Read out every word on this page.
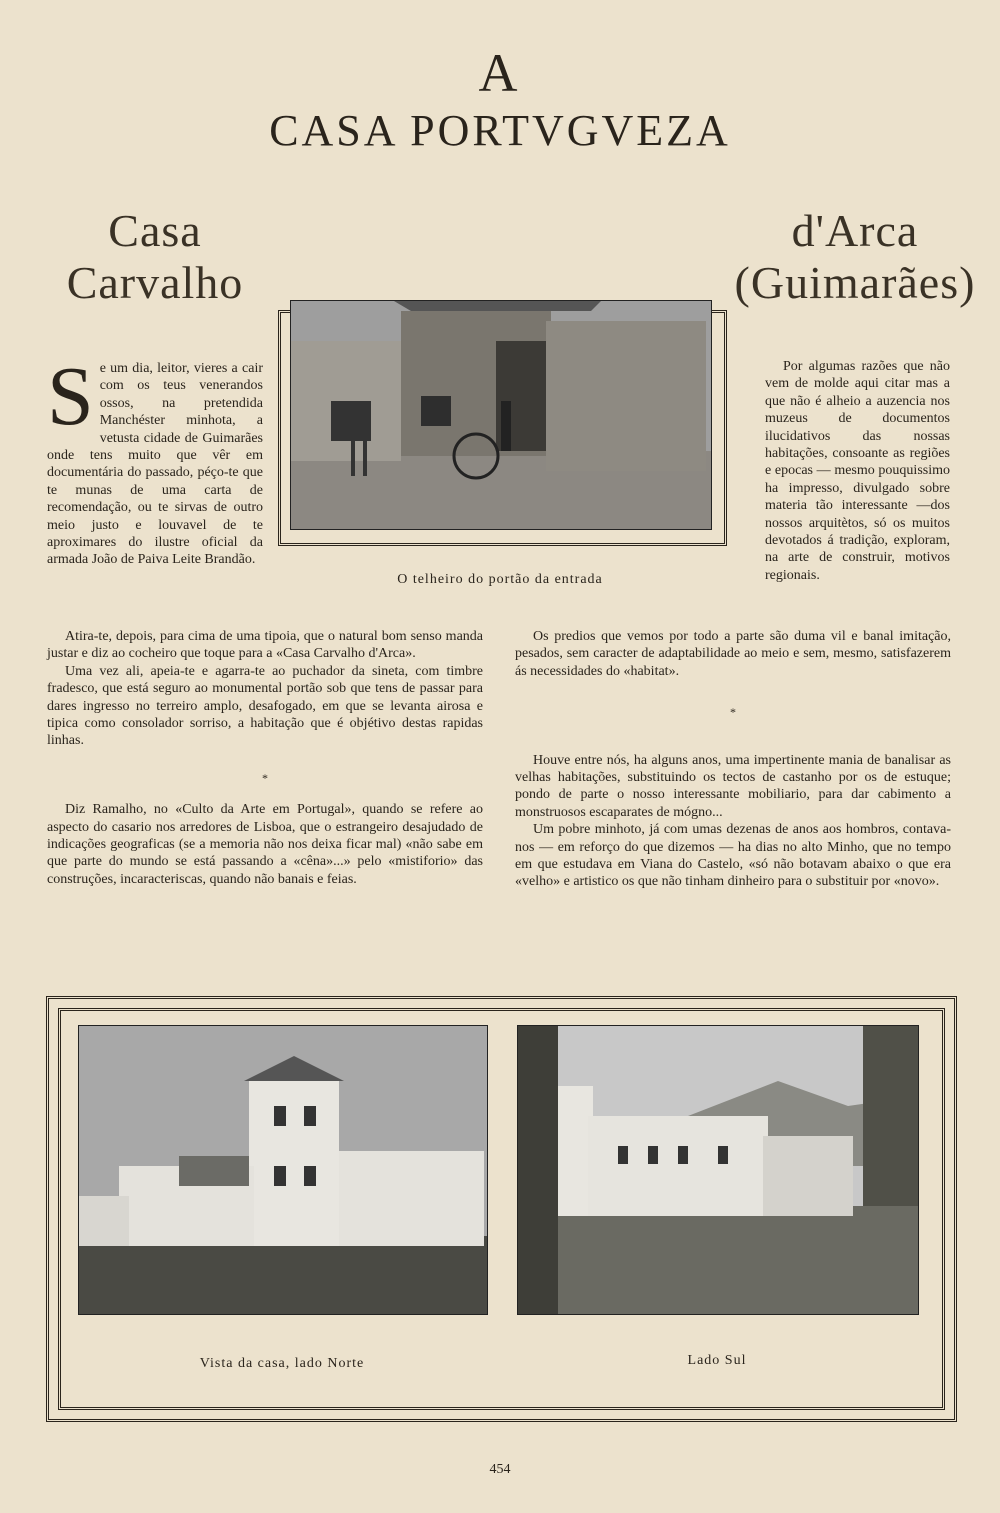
A
CASA PORTVGVEZA
Casa
Carvalho
d'Arca
(Guimarães)
O telheiro do portão da entrada
S e um dia, leitor, vieres a cair com os teus venerandos ossos, na pretendida Manchéster minhota, a vetusta cidade de Guimarães onde tens muito que vêr em documentária do passado, péço-te que te munas de uma carta de recomendação, ou te sirvas de outro meio justo e louvavel de te aproximares do ilustre oficial da armada João de Paiva Leite Brandão.

Atira-te, depois, para cima de uma tipoia, que o natural bom senso manda justar e diz ao cocheiro que toque para a «Casa Carvalho d'Arca».

Uma vez ali, apeia-te e agarra-te ao puchador da sineta, com timbre fradesco, que está seguro ao monumental portão sob que tens de passar para dares ingresso no terreiro amplo, desafogado, em que se levanta airosa e tipica como consolador sorriso, a habitação que é objétivo destas rapidas linhas.

*

Diz Ramalho, no «Culto da Arte em Portugal», quando se refere ao aspecto do casario nos arredores de Lisboa, que o estrangeiro desajudado de indicações geograficas (se a memoria não nos deixa ficar mal) «não sabe em que parte do mundo se está passando a «cêna»...» pelo «mistiforio» das construções, incaracteriscas, quando não banais e feias.

Por algumas razões que não vem de molde aqui citar mas a que não é alheio a auzencia nos muzeus de documentos ilucidativos das nossas habitações, consoante as regiões e epocas — mesmo pouquissimo ha impresso, divulgado sobre materia tão interessante —dos nossos arquitètos, só os muitos devotados á tradição, exploram, na arte de construir, motivos regionais.

Os predios que vemos por todo a parte são duma vil e banal imitação, pesados, sem caracter de adaptabilidade ao meio e sem, mesmo, satisfazerem ás necessidades do «habitat».

*

Houve entre nós, ha alguns anos, uma impertinente mania de banalisar as velhas habitações, substituindo os tectos de castanho por os de estuque; pondo de parte o nosso interessante mobiliario, para dar cabimento a monstruosos escaparates de mógno...

Um pobre minhoto, já com umas dezenas de anos aos hombros, contava-nos — em reforço do que dizemos — ha dias no alto Minho, que no tempo em que estudava em Viana do Castelo, «só não botavam abaixo o que era «velho» e artistico os que não tinham dinheiro para o substituir por «novo».

Vista da casa, lado Norte	Lado Sul
454
